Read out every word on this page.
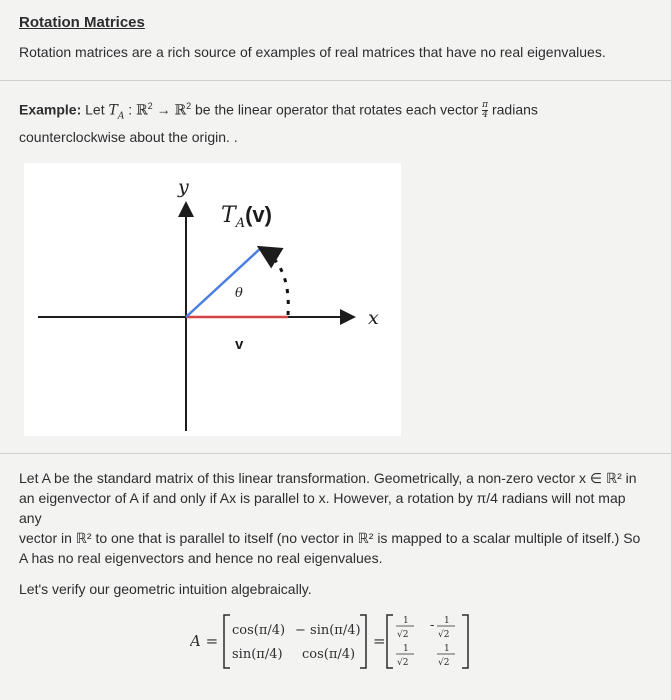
Rotation Matrices
Rotation matrices are a rich source of examples of real matrices that have no real eigenvalues.
Example: Let $T_A$ : ℝ$^2$ → ℝ$^2$ be the linear operator that rotates each vector $\frac{\pi}{4}$ radians
counterclockwise about the origin. .
y
x
$T_A(v)$
θ
v
Let A be the standard matrix of this linear transformation. Geometrically, a non-zero vector x ∈ ℝ² in
an eigenvector of A if and only if Ax is parallel to x. However, a rotation by π/4 radians will not map any
vector in ℝ² to one that is parallel to itself (no vector in ℝ² is mapped to a scalar multiple of itself.) So
A has no real eigenvectors and hence no real eigenvalues.
Let's verify our geometric intuition algebraically.
A =
cos(π/4) − sin(π/4)
sin(π/4) cos(π/4)
=
1
√2
- 1
√2
1
√2
1
√2
